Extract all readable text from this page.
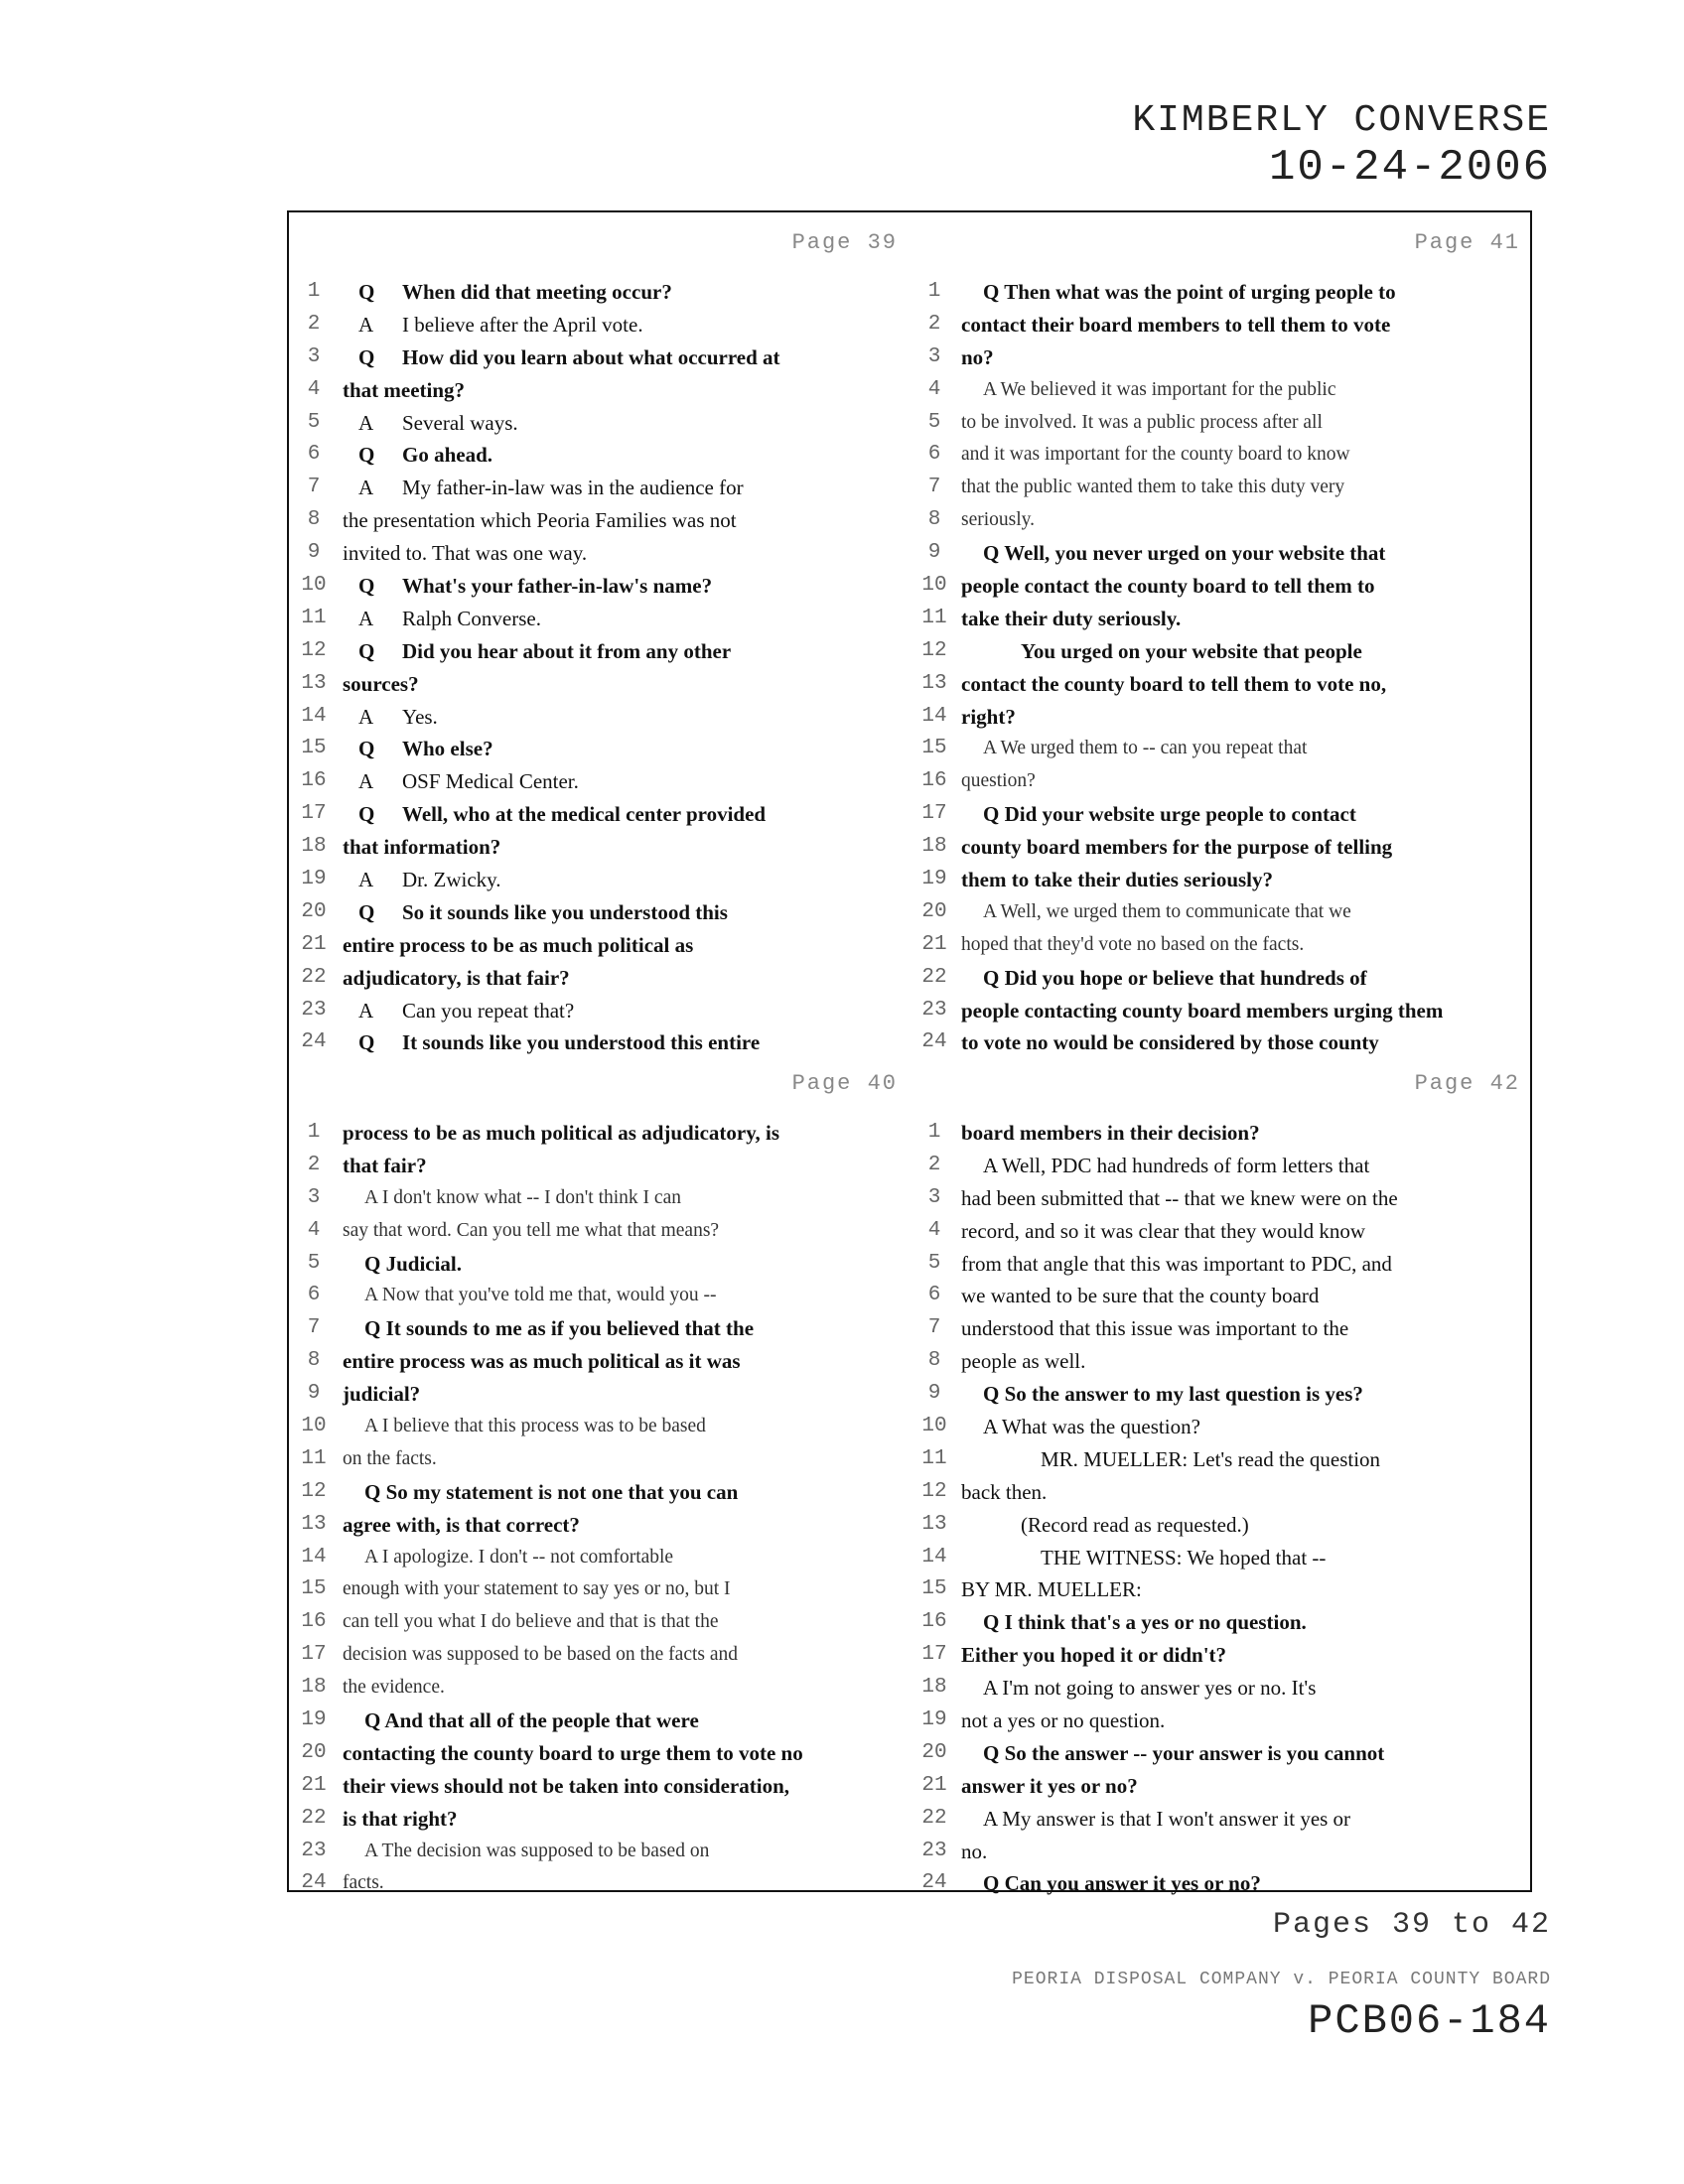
KIMBERLY CONVERSE
10-24-2006
Page 39
1	Q When did that meeting occur?
2	A I believe after the April vote.
3	Q How did you learn about what occurred at
4	that meeting?
5	A Several ways.
6	Q Go ahead.
7	A My father-in-law was in the audience for
8	the presentation which Peoria Families was not
9	invited to. That was one way.
10	Q What's your father-in-law's name?
11	A Ralph Converse.
12	Q Did you hear about it from any other
13 sources?
14	A Yes.
15	Q Who else?
16	A OSF Medical Center.
17	Q Well, who at the medical center provided
18 that information?
19	A Dr. Zwicky.
20	Q So it sounds like you understood this
21 entire process to be as much political as
22 adjudicatory, is that fair?
23	A Can you repeat that?
24	Q It sounds like you understood this entire
Page 41
1	Q Then what was the point of urging people to
2 contact their board members to tell them to vote
3 no?
4	A We believed it was important for the public
5	to be involved. It was a public process after all
6	and it was important for the county board to know
7	that the public wanted them to take this duty very
8	seriously.
9	Q Well, you never urged on your website that
10 people contact the county board to tell them to
11 take their duty seriously.
12	You urged on your website that people
13 contact the county board to tell them to vote no,
14 right?
15	A We urged them to -- can you repeat that
16 question?
17	Q Did your website urge people to contact
18 county board members for the purpose of telling
19 them to take their duties seriously?
20	A Well, we urged them to communicate that we
21 hoped that they'd vote no based on the facts.
22	Q Did you hope or believe that hundreds of
23 people contacting county board members urging them
24 to vote no would be considered by those county
Page 40
1	process to be as much political as adjudicatory, is
2	that fair?
3	A I don't know what -- I don't think I can
4	say that word. Can you tell me what that means?
5	Q Judicial.
6	A Now that you've told me that, would you --
7	Q It sounds to me as if you believed that the
8	entire process was as much political as it was
9	judicial?
10	A I believe that this process was to be based
11 on the facts.
12	Q So my statement is not one that you can
13 agree with, is that correct?
14	A I apologize. I don't -- not comfortable
15 enough with your statement to say yes or no, but I
16 can tell you what I do believe and that is that the
17 decision was supposed to be based on the facts and
18 the evidence.
19	Q And that all of the people that were
20 contacting the county board to urge them to vote no
21 their views should not be taken into consideration,
22 is that right?
23	A The decision was supposed to be based on
24 facts.
Page 42
1 board members in their decision?
2	A Well, PDC had hundreds of form letters that
3 had been submitted that -- that we knew were on the
4 record, and so it was clear that they would know
5 from that angle that this was important to PDC, and
6 we wanted to be sure that the county board
7 understood that this issue was important to the
8 people as well.
9	Q So the answer to my last question is yes?
10	A What was the question?
11	MR. MUELLER: Let's read the question
12 back then.
13	(Record read as requested.)
14	THE WITNESS: We hoped that --
15 BY MR. MUELLER:
16	Q I think that's a yes or no question.
17 Either you hoped it or didn't?
18	A I'm not going to answer yes or no. It's
19 not a yes or no question.
20	Q So the answer -- your answer is you cannot
21 answer it yes or no?
22	A My answer is that I won't answer it yes or
23 no.
24	Q Can you answer it yes or no?
Pages 39 to 42
PEORIA DISPOSAL COMPANY v. PEORIA COUNTY BOARD
PCB06-184
